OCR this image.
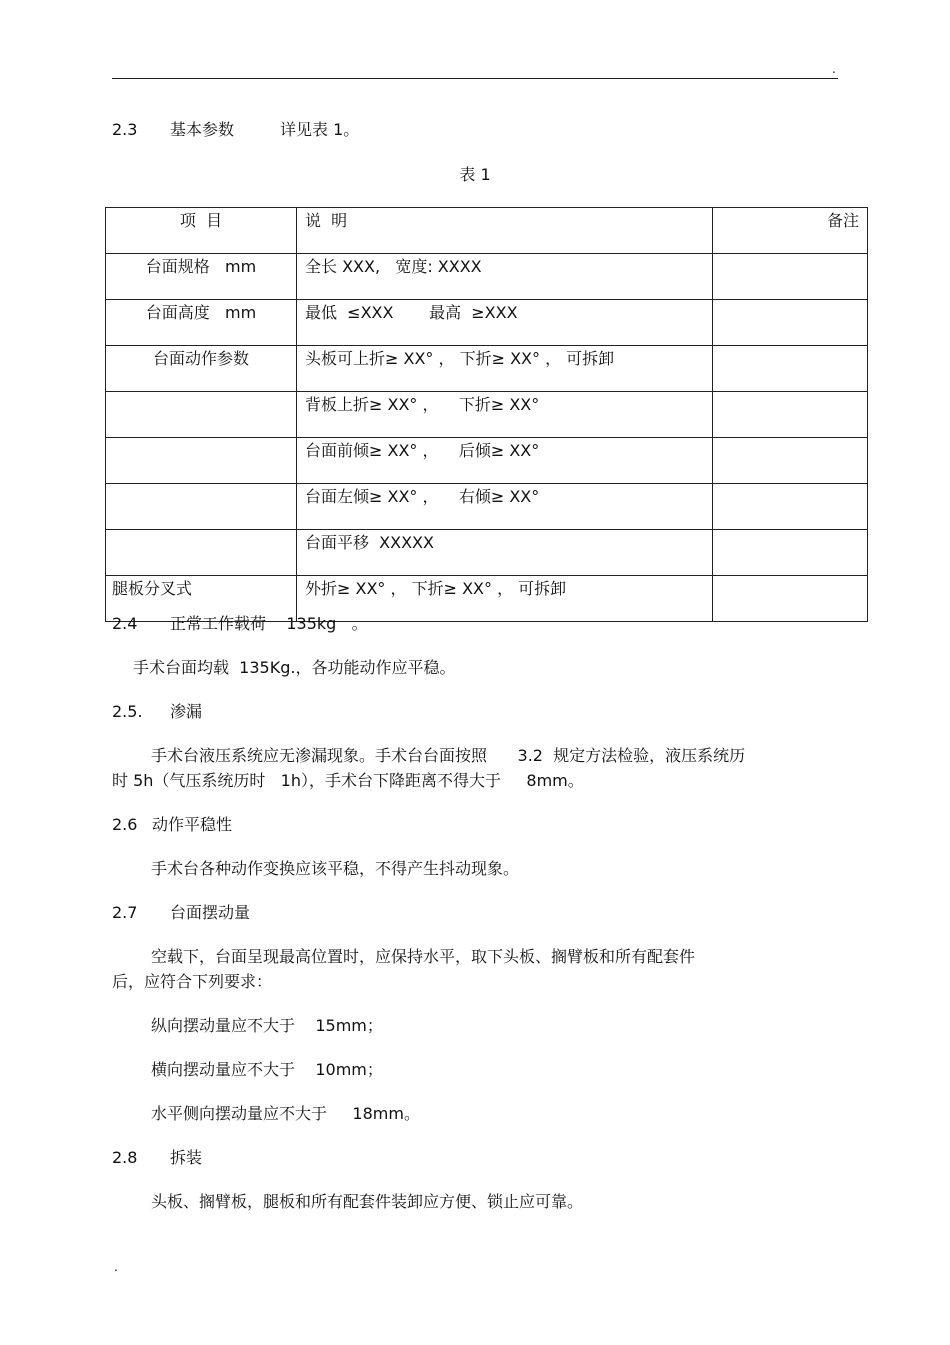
.
2.3 基本参数	详见表 1。
表 1
项  目	说  明	备注
台面规格   mm	全长 XXX,   宽度: XXXX	
台面高度   mm	最低  ≤XXX       最高  ≥XXX	
台面动作参数	头板可上折≥ XX° ， 下折≥ XX° ， 可拆卸	
	背板上折≥ XX° ，    下折≥ XX°	
	台面前倾≥ XX° ，    后倾≥ XX°	
	台面左倾≥ XX° ，    右倾≥ XX°	
	台面平移  XXXXX	
腿板分叉式	外折≥ XX° ， 下折≥ XX° ， 可拆卸	
2.4 正常工作载荷    135kg   。
手术台面均载  135Kg.，各功能动作应平稳。
2.5. 渗漏
手术台液压系统应无渗漏现象。手术台台面按照      3.2  规定方法检验，液压系统历
时 5h（气压系统历时   1h），手术台下降距离不得大于     8mm。
2.6 动作平稳性
手术台各种动作变换应该平稳，不得产生抖动现象。
2.7 台面摆动量
空载下，台面呈现最高位置时，应保持水平，取下头板、搁臂板和所有配套件
后，应符合下列要求：
纵向摆动量应不大于    15mm；
横向摆动量应不大于    10mm；
水平侧向摆动量应不大于     18mm。
2.8 拆装
头板、搁臂板，腿板和所有配套件装卸应方便、锁止应可靠。
.
